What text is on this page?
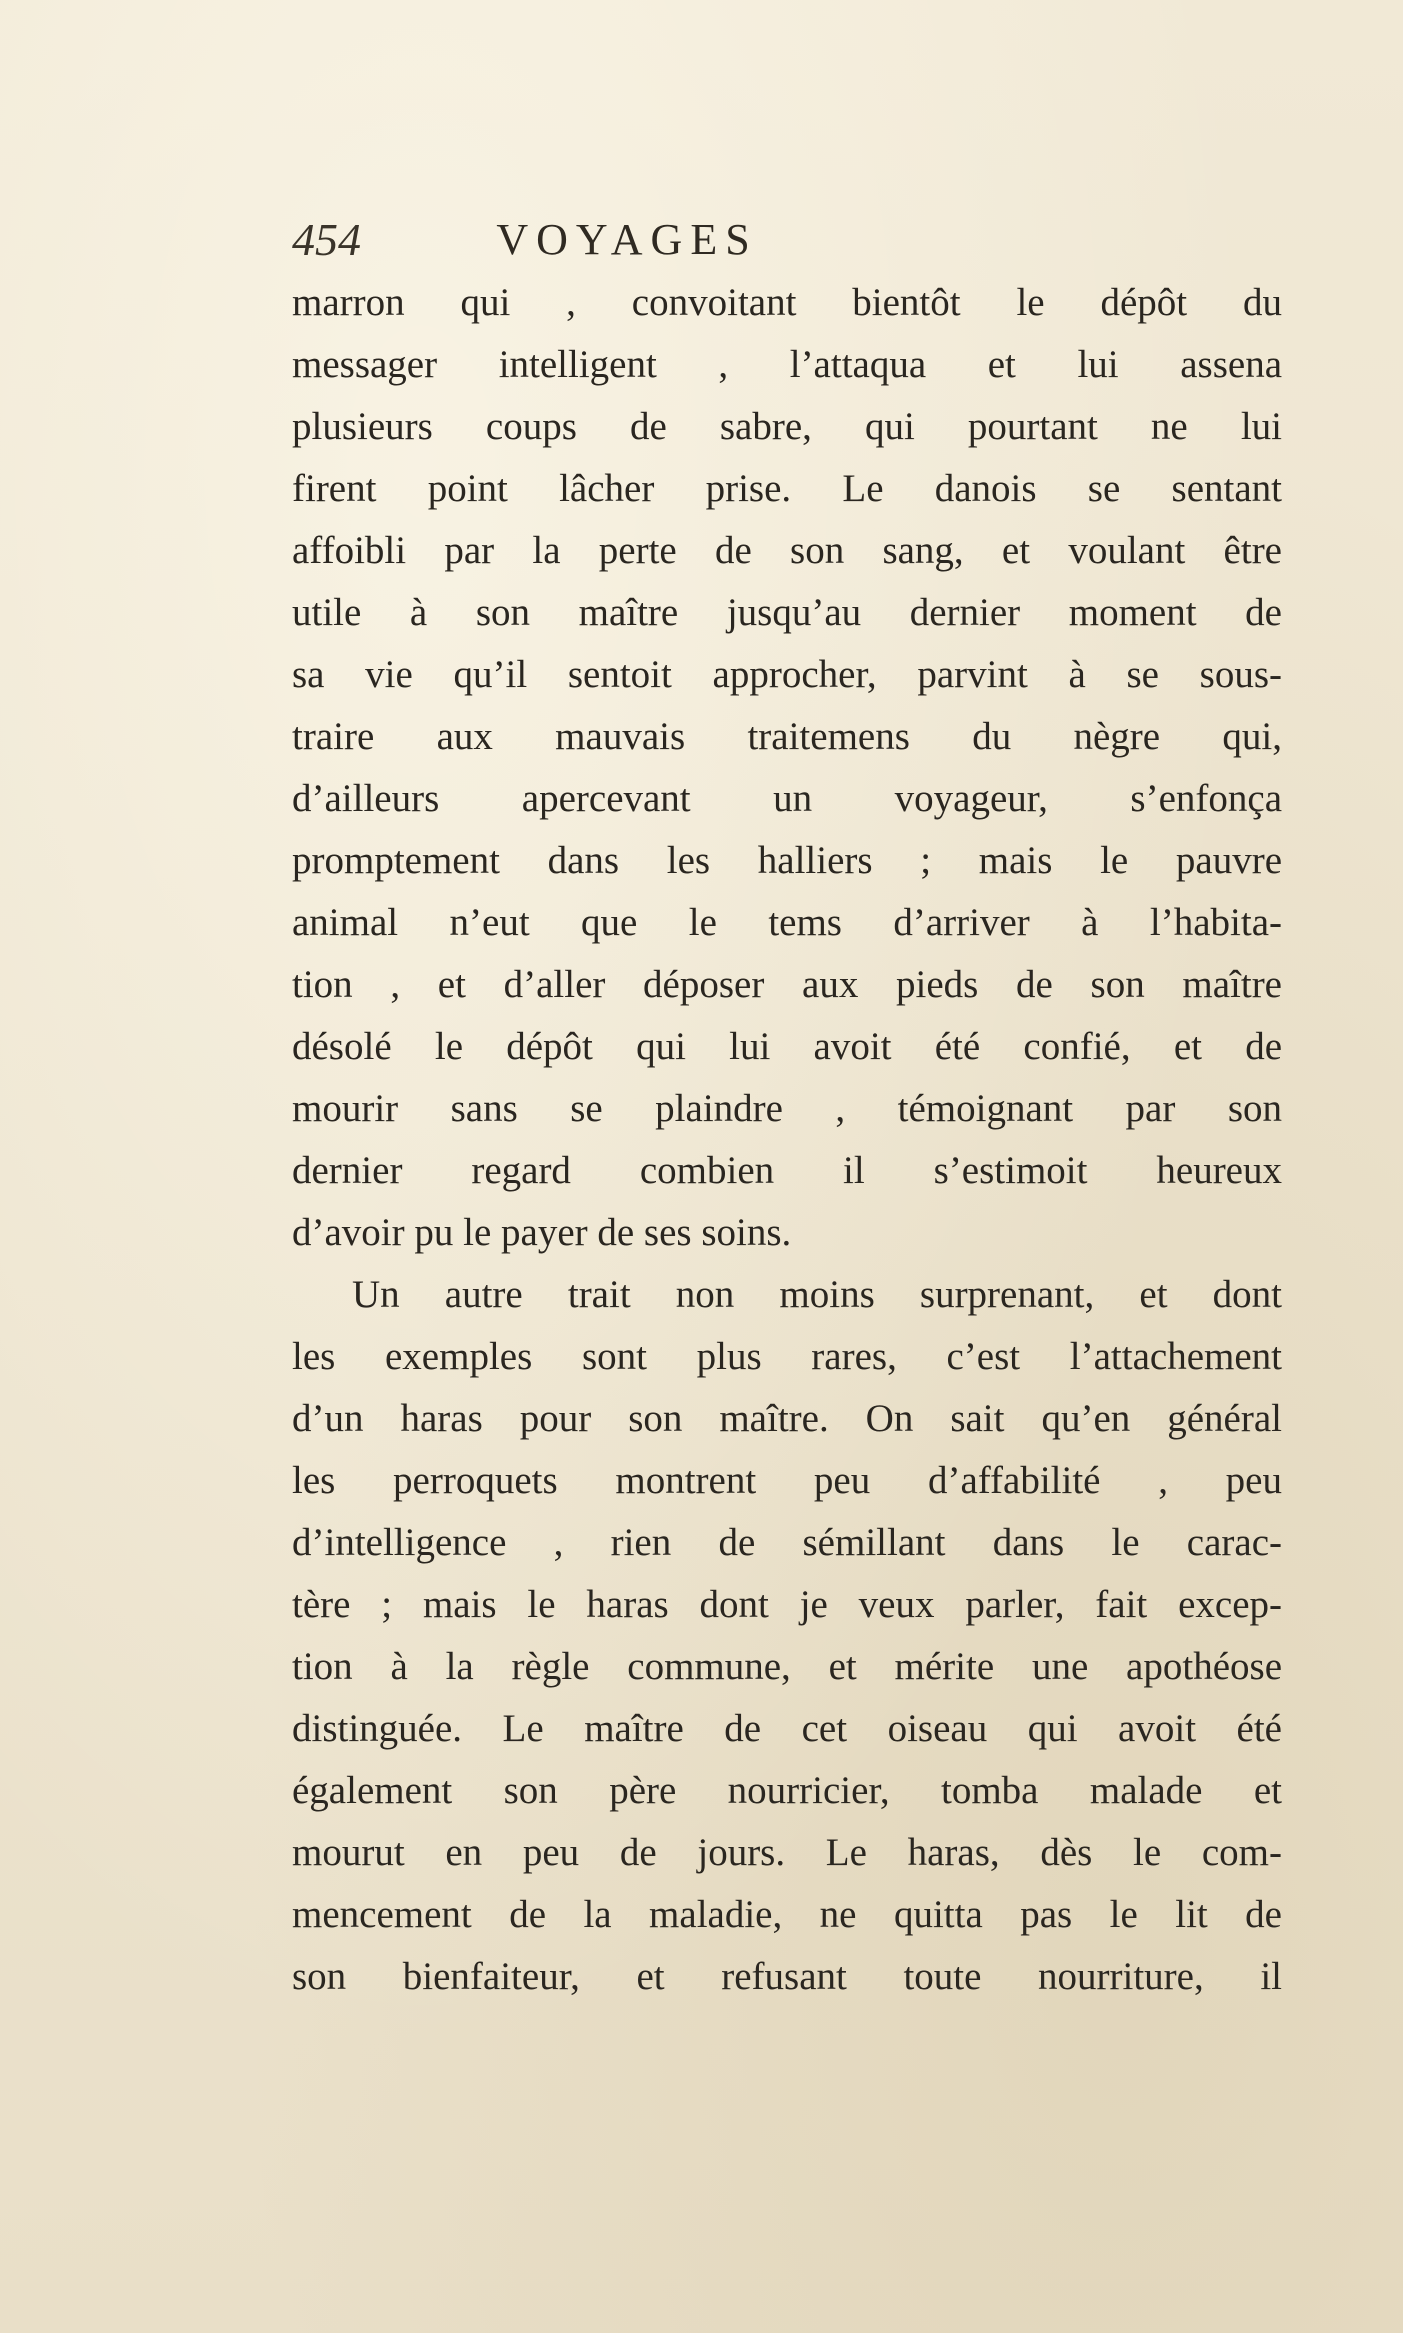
454	VOYAGES
marron qui , convoitant bientôt le dépôt du
messager intelligent , l’attaqua et lui assena
plusieurs coups de sabre, qui pourtant ne lui
firent point lâcher prise. Le danois se sentant
affoibli par la perte de son sang, et voulant être
utile à son maître jusqu’au dernier moment de
sa vie qu’il sentoit approcher, parvint à se sous-
traire aux mauvais traitemens du nègre qui,
d’ailleurs apercevant un voyageur, s’enfonça
promptement dans les halliers ; mais le pauvre
animal n’eut que le tems d’arriver à l’habita-
tion , et d’aller déposer aux pieds de son maître
désolé le dépôt qui lui avoit été confié, et de
mourir sans se plaindre , témoignant par son
dernier regard combien il s’estimoit heureux
d’avoir pu le payer de ses soins.
Un autre trait non moins surprenant, et dont
les exemples sont plus rares, c’est l’attachement
d’un haras pour son maître. On sait qu’en général
les perroquets montrent peu d’affabilité , peu
d’intelligence , rien de sémillant dans le carac-
tère ; mais le haras dont je veux parler, fait excep-
tion à la règle commune, et mérite une apothéose
distinguée. Le maître de cet oiseau qui avoit été
également son père nourricier, tomba malade et
mourut en peu de jours. Le haras, dès le com-
mencement de la maladie, ne quitta pas le lit de
son bienfaiteur, et refusant toute nourriture, il
